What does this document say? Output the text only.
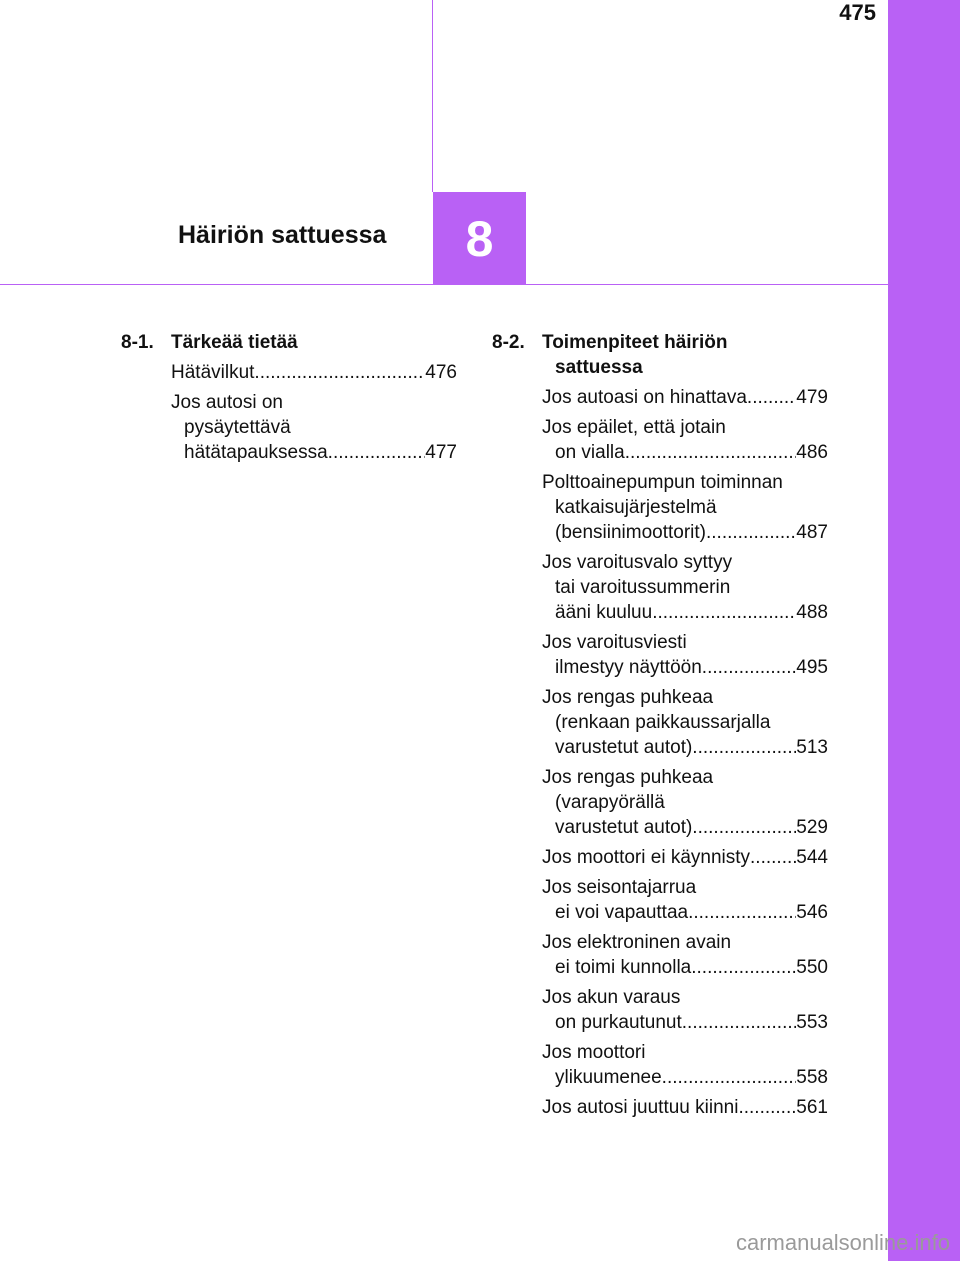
475
8
Häiriön sattuessa
8-1. Tärkeää tietää
Hätävilkut .....	476
Jos autosi on
pysäytettävä
hätätapauksessa .....	477
8-2. Toimenpiteet häiriön
sattuessa
Jos autoasi on hinattava .....	479
Jos epäilet, että jotain
on vialla .....	486
Polttoainepumpun toiminnan
katkaisujärjestelmä
(bensiinimoottorit) .....	487
Jos varoitusvalo syttyy
tai varoitussummerin
ääni kuuluu .....	488
Jos varoitusviesti
ilmestyy näyttöön .....	495
Jos rengas puhkeaa
(renkaan paikkaussarjalla
varustetut autot) .....	513
Jos rengas puhkeaa
(varapyörällä
varustetut autot) .....	529
Jos moottori ei käynnisty ..... 544
Jos seisontajarrua
ei voi vapauttaa .....	546
Jos elektroninen avain
ei toimi kunnolla .....	550
Jos akun varaus
on purkautunut .....	553
Jos moottori
ylikuumenee .....	558
Jos autosi juuttuu kiinni .....	561
carmanualsonline.info
